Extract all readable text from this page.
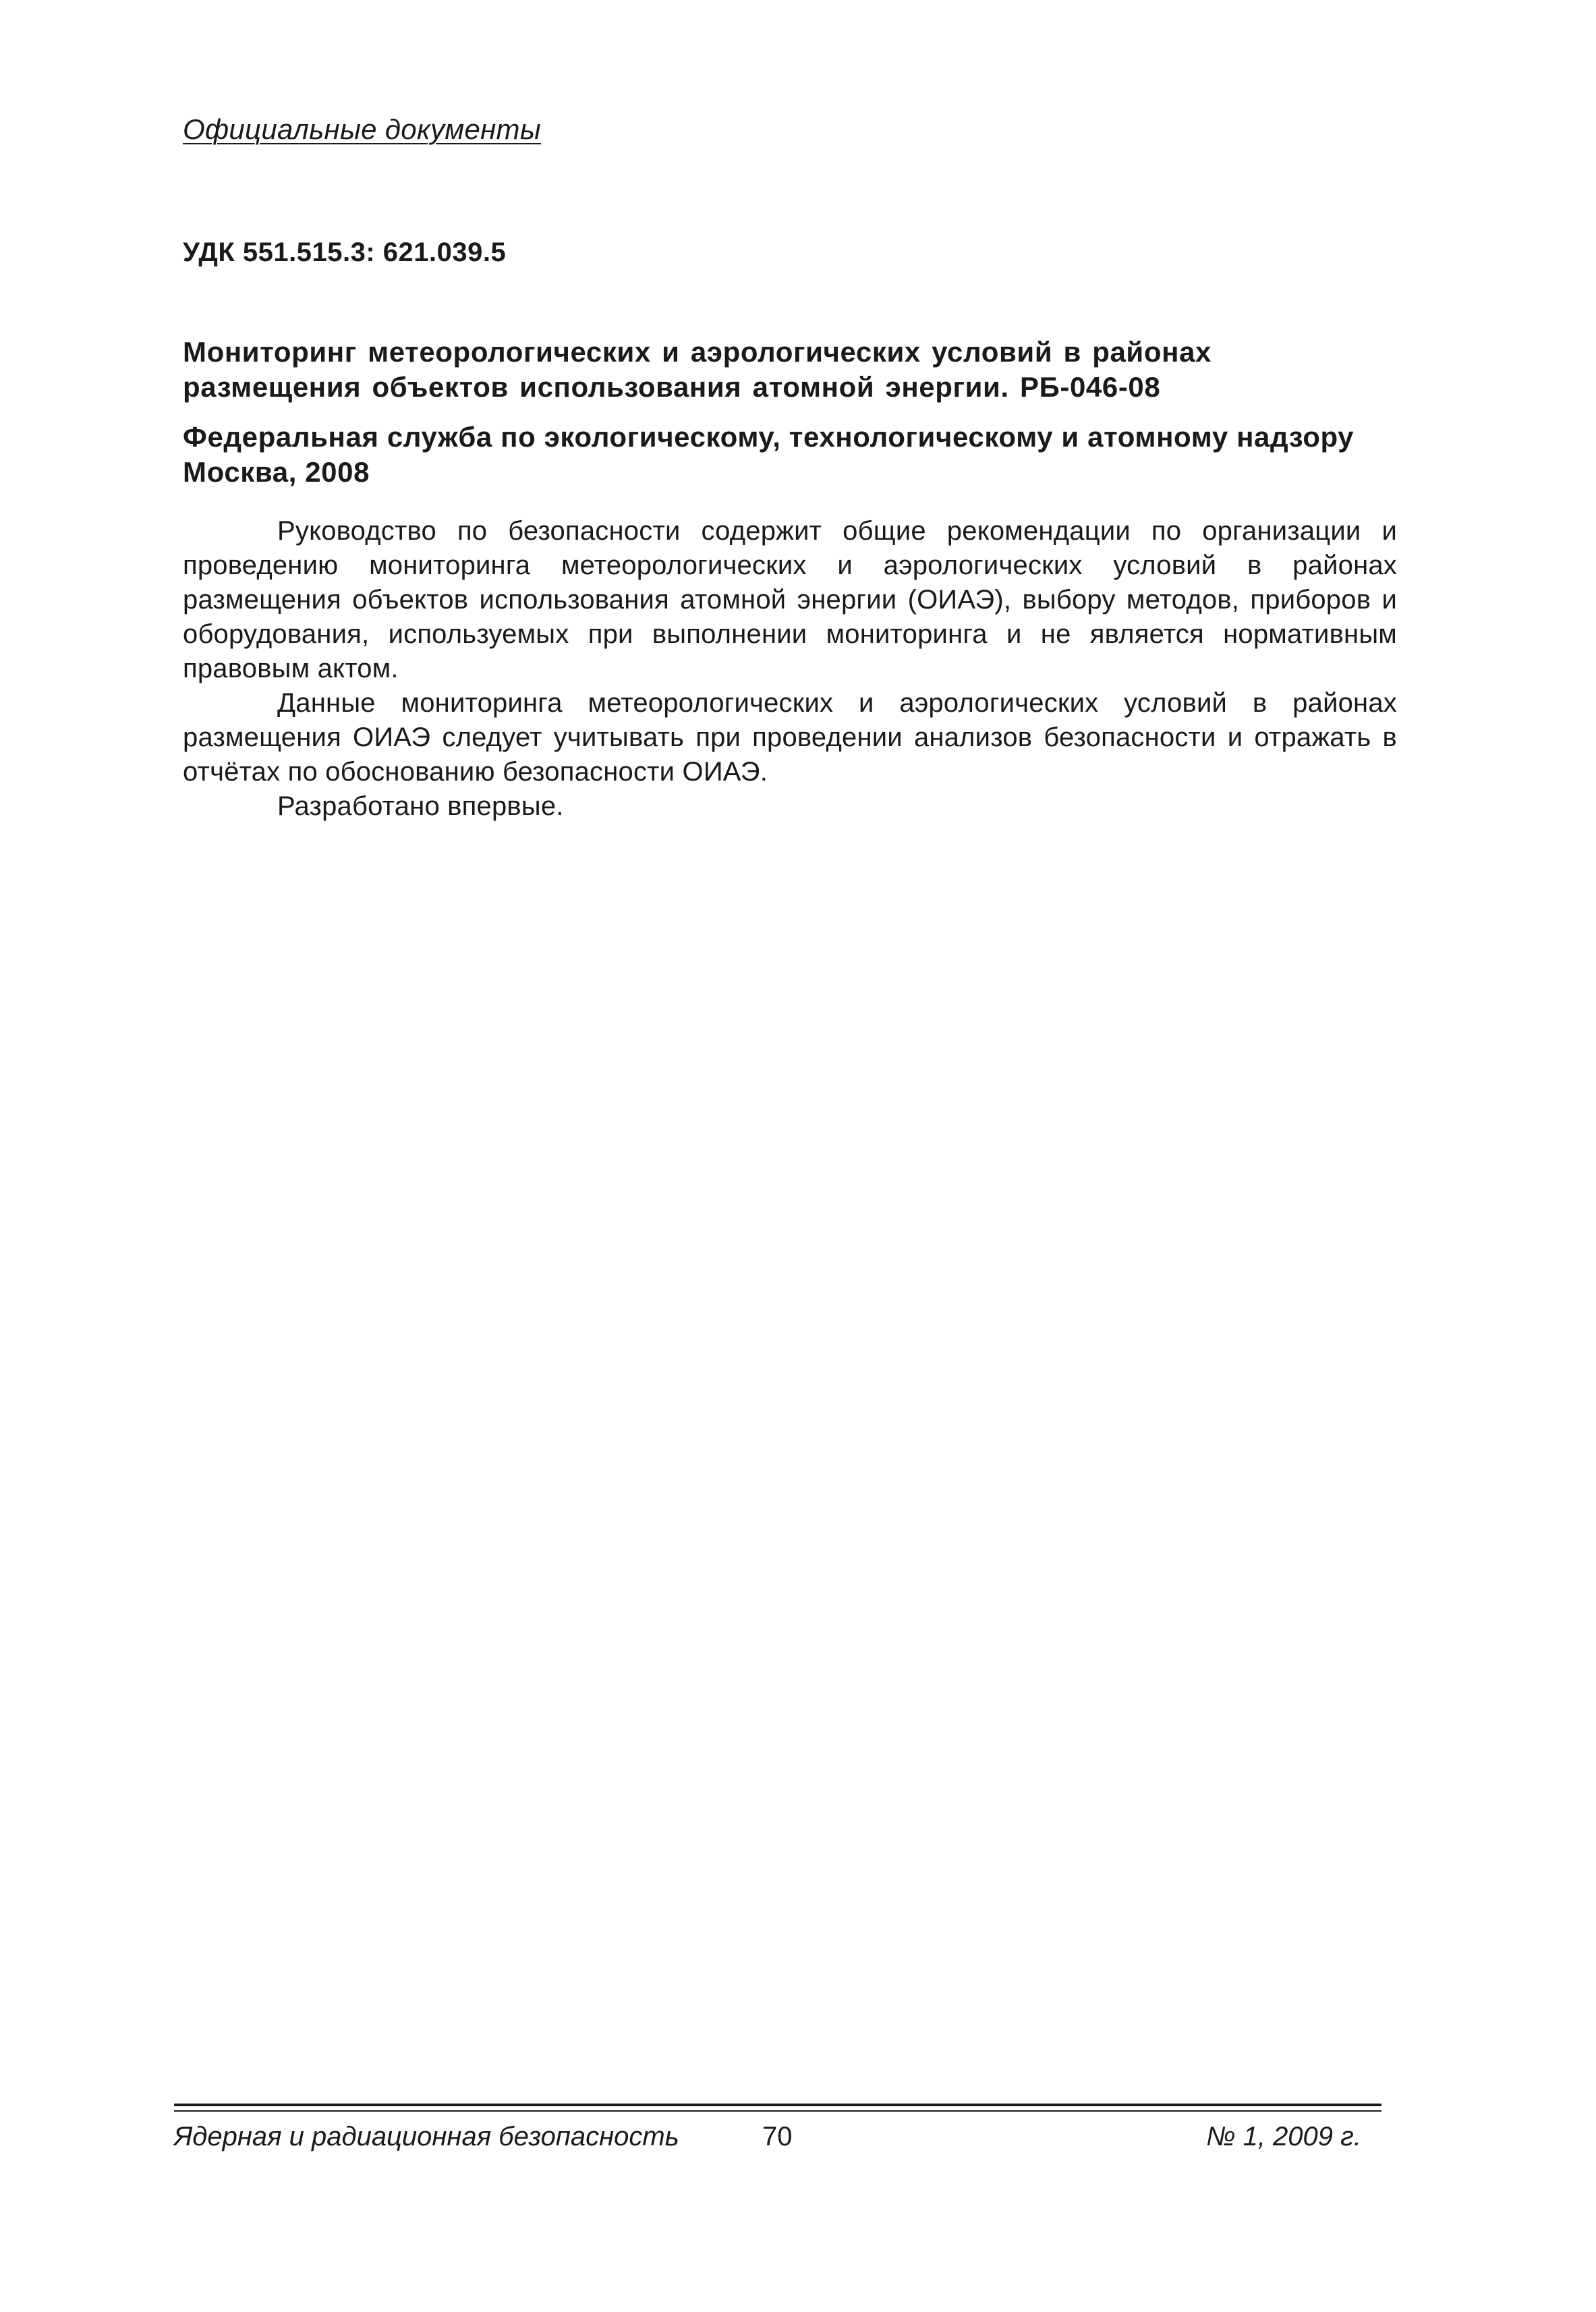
Официальные документы
УДК 551.515.3: 621.039.5
Мониторинг метеорологических и аэрологических условий в районах размещения объектов использования атомной энергии. РБ-046-08
Федеральная служба по экологическому, технологическому и атомному надзору
Москва, 2008

Руководство по безопасности содержит общие рекомендации по организации и проведению мониторинга метеорологических и аэрологических условий в районах размещения объектов использования атомной энергии (ОИАЭ), выбору методов, приборов и оборудования, используемых при выполнении мониторинга и не является нормативным правовым актом.

Данные мониторинга метеорологических и аэрологических условий в районах размещения ОИАЭ следует учитывать при проведении анализов безопасности и отражать в отчётах по обоснованию безопасности ОИАЭ.

Разработано впервые.

Ядерная и радиационная безопасность	70	№ 1, 2009 г.
